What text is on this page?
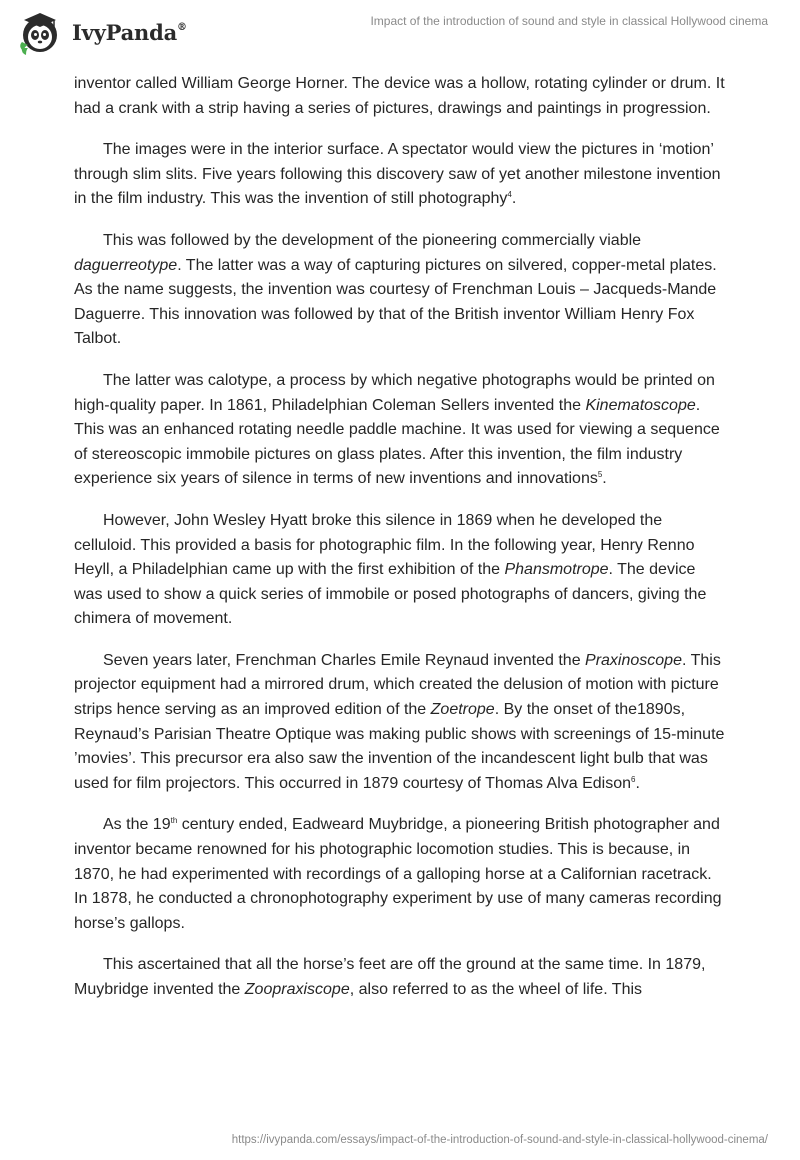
IvyPanda®	Impact of the introduction of sound and style in classical Hollywood cinema

inventor called William George Horner. The device was a hollow, rotating cylinder or drum. It had a crank with a strip having a series of pictures, drawings and paintings in progression.

The images were in the interior surface. A spectator would view the pictures in ‘motion’ through slim slits. Five years following this discovery saw of yet another milestone invention in the film industry. This was the invention of still photography$^4$.

This was followed by the development of the pioneering commercially viable daguerreotype. The latter was a way of capturing pictures on silvered, copper-metal plates. As the name suggests, the invention was courtesy of Frenchman Louis – Jacqueds-Mande Daguerre. This innovation was followed by that of the British inventor William Henry Fox Talbot.

The latter was calotype, a process by which negative photographs would be printed on high-quality paper. In 1861, Philadelphian Coleman Sellers invented the Kinematoscope. This was an enhanced rotating needle paddle machine. It was used for viewing a sequence of stereoscopic immobile pictures on glass plates. After this invention, the film industry experience six years of silence in terms of new inventions and innovations$^5$.

However, John Wesley Hyatt broke this silence in 1869 when he developed the celluloid. This provided a basis for photographic film. In the following year, Henry Renno Heyll, a Philadelphian came up with the first exhibition of the Phansmotrope. The device was used to show a quick series of immobile or posed photographs of dancers, giving the chimera of movement.

Seven years later, Frenchman Charles Emile Reynaud invented the Praxinoscope. This projector equipment had a mirrored drum, which created the delusion of motion with picture strips hence serving as an improved edition of the Zoetrope. By the onset of the1890s, Reynaud’s Parisian Theatre Optique was making public shows with screenings of 15-minute ’movies’. This precursor era also saw the invention of the incandescent light bulb that was used for film projectors. This occurred in 1879 courtesy of Thomas Alva Edison$^6$.

As the 19th century ended, Eadweard Muybridge, a pioneering British photographer and inventor became renowned for his photographic locomotion studies. This is because, in 1870, he had experimented with recordings of a galloping horse at a Californian racetrack. In 1878, he conducted a chronophotography experiment by use of many cameras recording horse’s gallops.

This ascertained that all the horse’s feet are off the ground at the same time. In 1879, Muybridge invented the Zoopraxiscope, also referred to as the wheel of life. This

https://ivypanda.com/essays/impact-of-the-introduction-of-sound-and-style-in-classical-hollywood-cinema/
